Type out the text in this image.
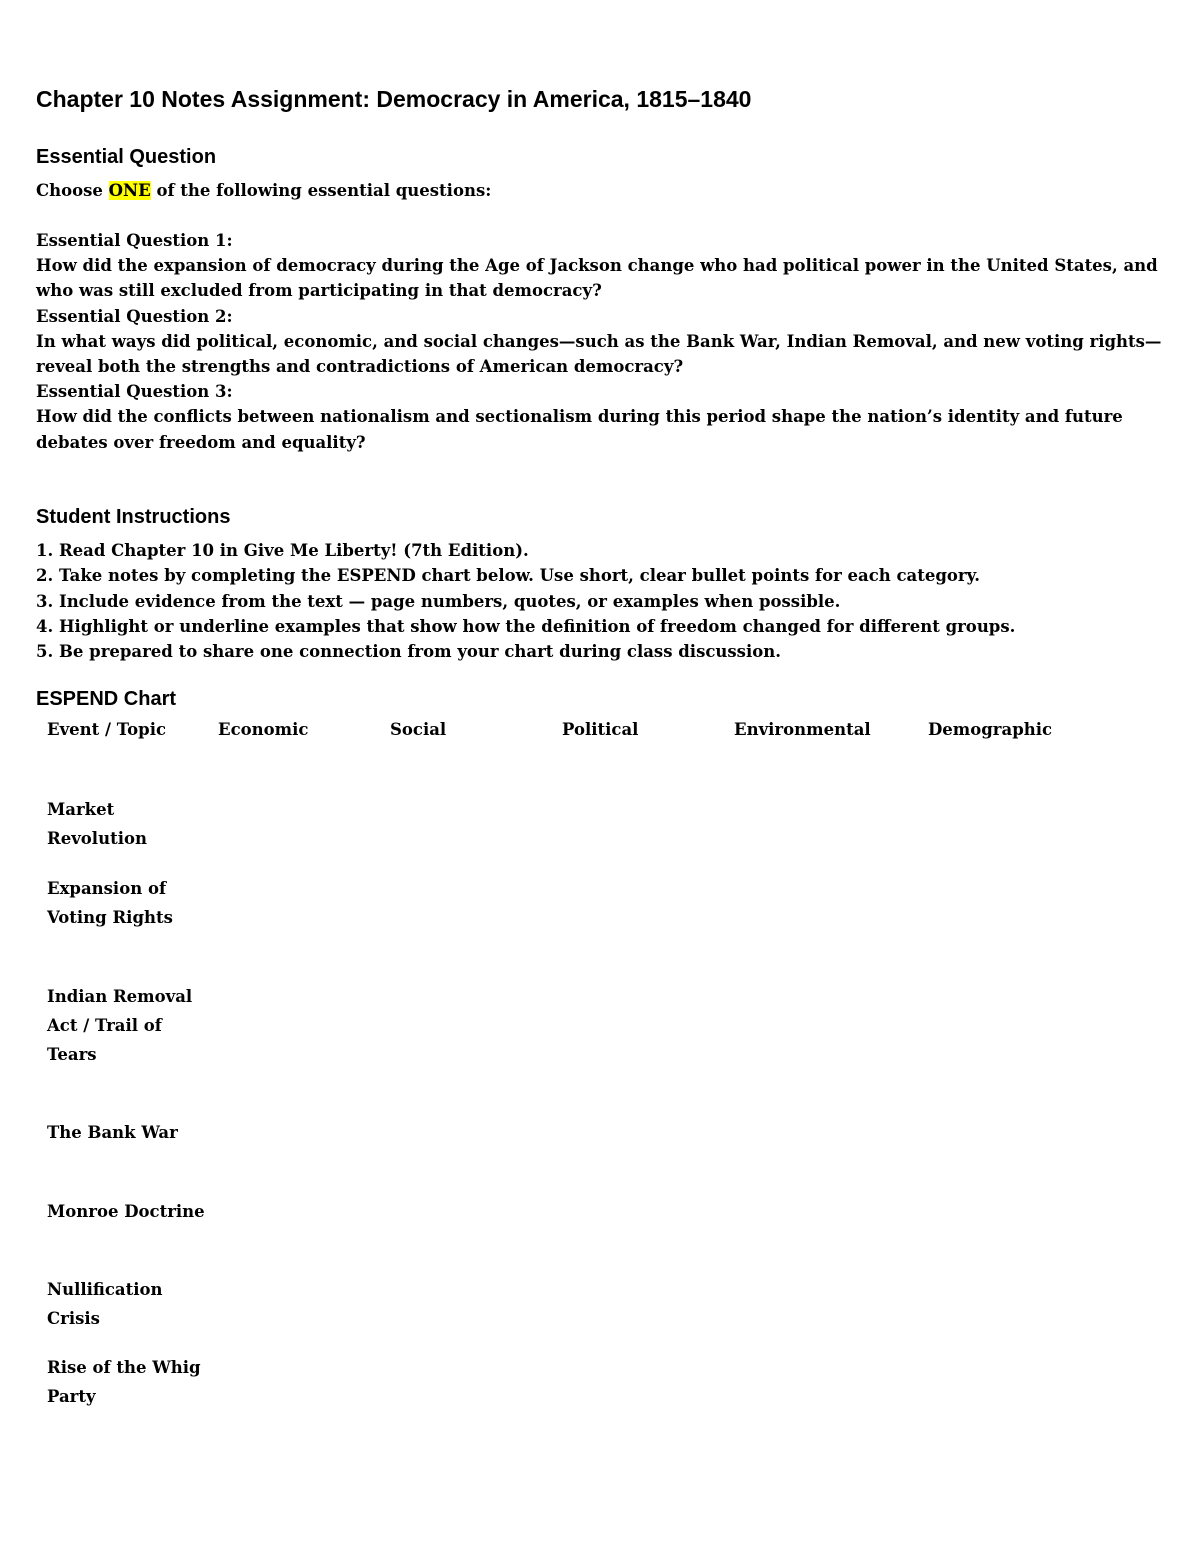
Chapter 10 Notes Assignment: Democracy in America, 1815–1840
Essential Question
Choose ONE of the following essential questions:
Essential Question 1:
How did the expansion of democracy during the Age of Jackson change who had political power in the United States, and who was still excluded from participating in that democracy?
Essential Question 2:
In what ways did political, economic, and social changes—such as the Bank War, Indian Removal, and new voting rights—reveal both the strengths and contradictions of American democracy?
Essential Question 3:
How did the conflicts between nationalism and sectionalism during this period shape the nation’s identity and future debates over freedom and equality?
Student Instructions
1. Read Chapter 10 in Give Me Liberty! (7th Edition).
2. Take notes by completing the ESPEND chart below. Use short, clear bullet points for each category.
3. Include evidence from the text — page numbers, quotes, or examples when possible.
4. Highlight or underline examples that show how the definition of freedom changed for different groups.
5. Be prepared to share one connection from your chart during class discussion.
ESPEND Chart
Event / Topic	Economic	Social	Political	Environmental	Demographic
Market Revolution
Expansion of Voting Rights
Indian Removal Act / Trail of Tears
The Bank War
Monroe Doctrine
Nullification Crisis
Rise of the Whig Party
